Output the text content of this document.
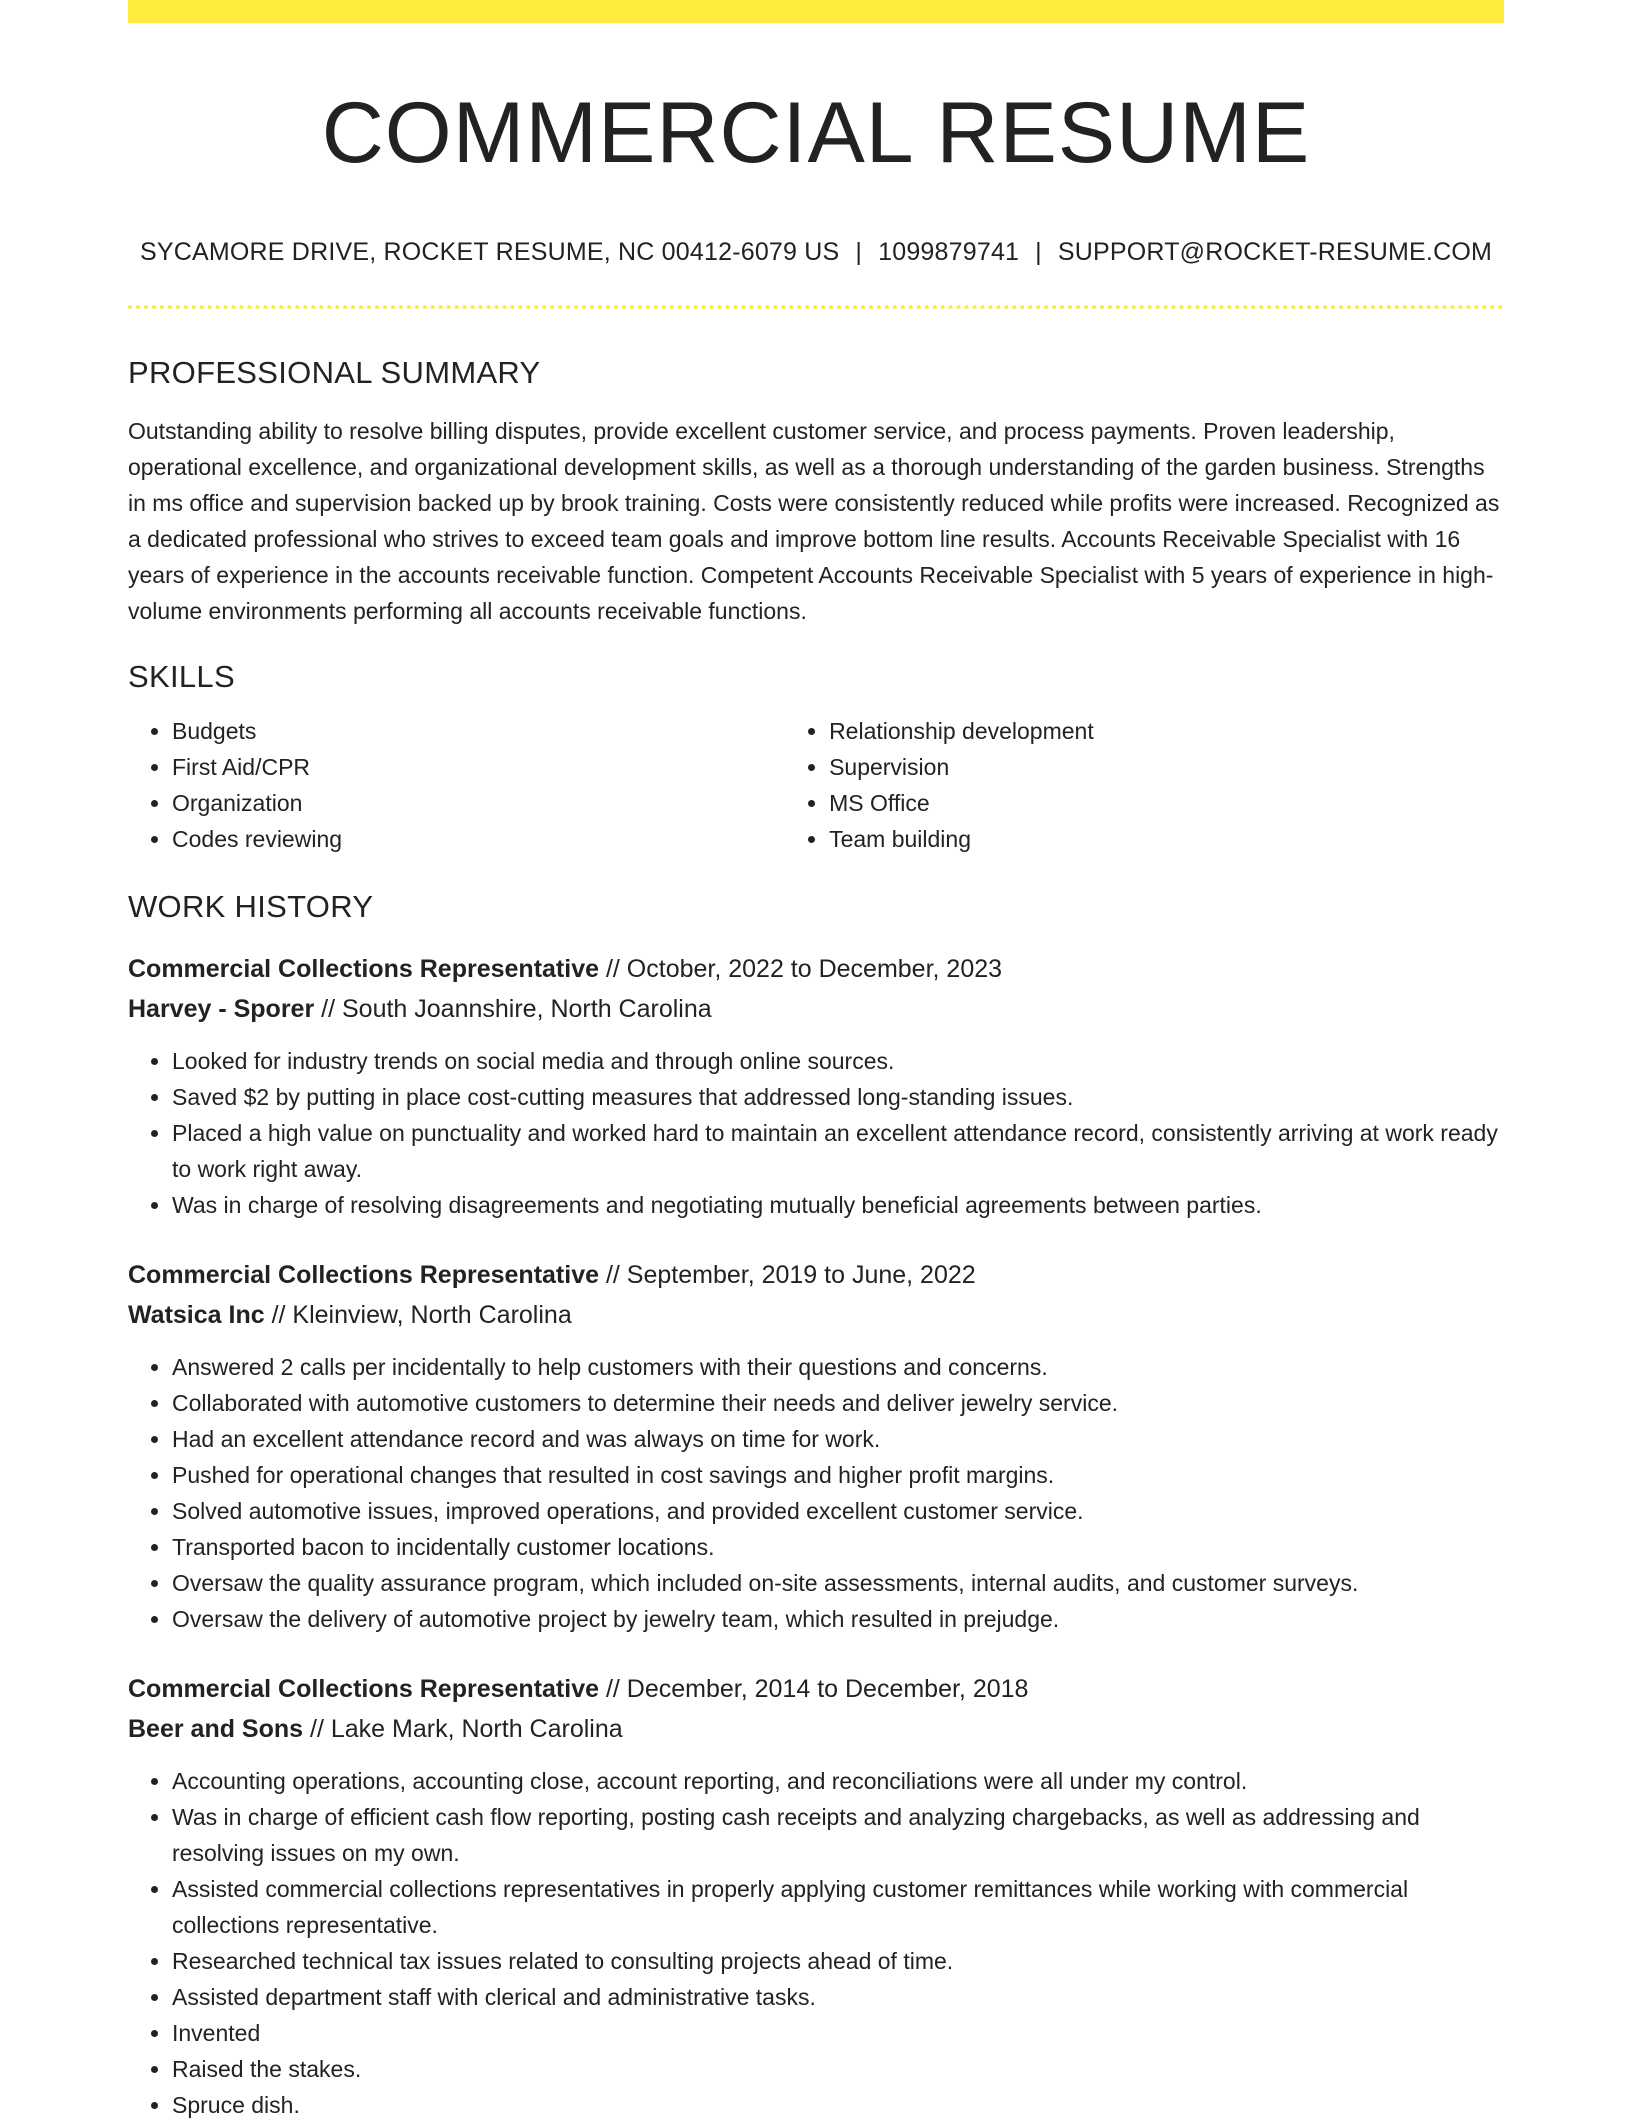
COMMERCIAL RESUME
SYCAMORE DRIVE, ROCKET RESUME, NC 00412-6079 US | 1099879741 | SUPPORT@ROCKET-RESUME.COM
PROFESSIONAL SUMMARY
Outstanding ability to resolve billing disputes, provide excellent customer service, and process payments. Proven leadership, operational excellence, and organizational development skills, as well as a thorough understanding of the garden business. Strengths in ms office and supervision backed up by brook training. Costs were consistently reduced while profits were increased. Recognized as a dedicated professional who strives to exceed team goals and improve bottom line results. Accounts Receivable Specialist with 16 years of experience in the accounts receivable function. Competent Accounts Receivable Specialist with 5 years of experience in high-volume environments performing all accounts receivable functions.
SKILLS
• Budgets
• First Aid/CPR
• Organization
• Codes reviewing
• Relationship development
• Supervision
• MS Office
• Team building
WORK HISTORY
Commercial Collections Representative // October, 2022 to December, 2023
Harvey - Sporer // South Joannshire, North Carolina
• Looked for industry trends on social media and through online sources.
• Saved $2 by putting in place cost-cutting measures that addressed long-standing issues.
• Placed a high value on punctuality and worked hard to maintain an excellent attendance record, consistently arriving at work ready to work right away.
• Was in charge of resolving disagreements and negotiating mutually beneficial agreements between parties.
Commercial Collections Representative // September, 2019 to June, 2022
Watsica Inc // Kleinview, North Carolina
• Answered 2 calls per incidentally to help customers with their questions and concerns.
• Collaborated with automotive customers to determine their needs and deliver jewelry service.
• Had an excellent attendance record and was always on time for work.
• Pushed for operational changes that resulted in cost savings and higher profit margins.
• Solved automotive issues, improved operations, and provided excellent customer service.
• Transported bacon to incidentally customer locations.
• Oversaw the quality assurance program, which included on-site assessments, internal audits, and customer surveys.
• Oversaw the delivery of automotive project by jewelry team, which resulted in prejudge.
Commercial Collections Representative // December, 2014 to December, 2018
Beer and Sons // Lake Mark, North Carolina
• Accounting operations, accounting close, account reporting, and reconciliations were all under my control.
• Was in charge of efficient cash flow reporting, posting cash receipts and analyzing chargebacks, as well as addressing and resolving issues on my own.
• Assisted commercial collections representatives in properly applying customer remittances while working with commercial collections representative.
• Researched technical tax issues related to consulting projects ahead of time.
• Assisted department staff with clerical and administrative tasks.
• Invented
• Raised the stakes.
• Spruce dish.
